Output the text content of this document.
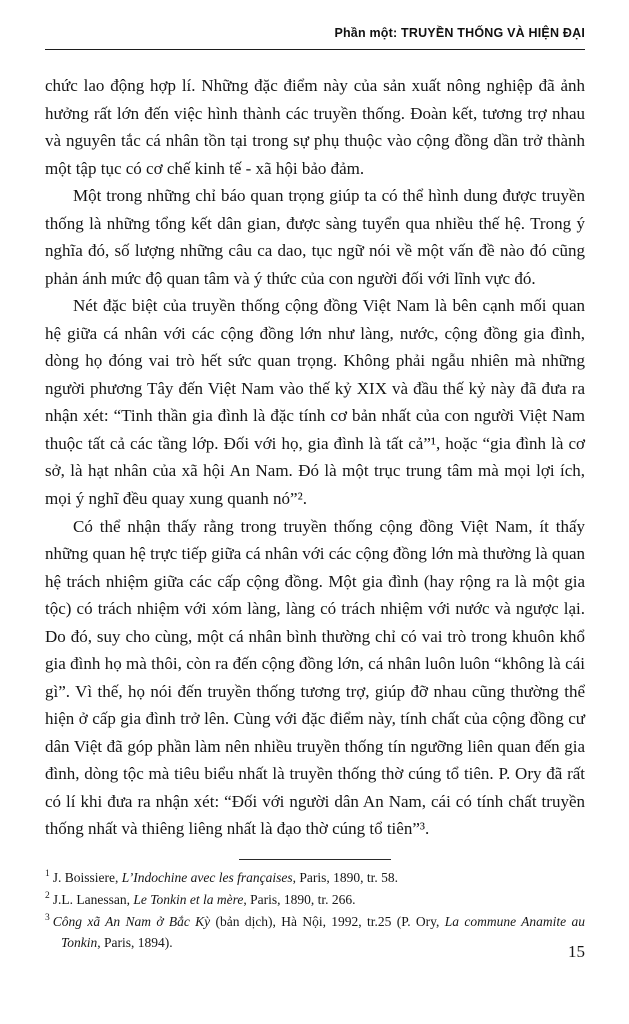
Phần một: TRUYỀN THỐNG VÀ HIỆN ĐẠI

chức lao động hợp lí. Những đặc điểm này của sản xuất nông nghiệp đã ảnh hưởng rất lớn đến việc hình thành các truyền thống. Đoàn kết, tương trợ nhau và nguyên tắc cá nhân tồn tại trong sự phụ thuộc vào cộng đồng dần trở thành một tập tục có cơ chế kinh tế - xã hội bảo đảm.

Một trong những chỉ báo quan trọng giúp ta có thể hình dung được truyền thống là những tổng kết dân gian, được sàng tuyển qua nhiều thế hệ. Trong ý nghĩa đó, số lượng những câu ca dao, tục ngữ nói về một vấn đề nào đó cũng phản ánh mức độ quan tâm và ý thức của con người đối với lĩnh vực đó.

Nét đặc biệt của truyền thống cộng đồng Việt Nam là bên cạnh mối quan hệ giữa cá nhân với các cộng đồng lớn như làng, nước, cộng đồng gia đình, dòng họ đóng vai trò hết sức quan trọng. Không phải ngẫu nhiên mà những người phương Tây đến Việt Nam vào thế kỷ XIX và đầu thế kỷ này đã đưa ra nhận xét: “Tinh thần gia đình là đặc tính cơ bản nhất của con người Việt Nam thuộc tất cả các tầng lớp. Đối với họ, gia đình là tất cả”¹, hoặc “gia đình là cơ sở, là hạt nhân của xã hội An Nam. Đó là một trục trung tâm mà mọi lợi ích, mọi ý nghĩ đều quay xung quanh nó”².

Có thể nhận thấy rằng trong truyền thống cộng đồng Việt Nam, ít thấy những quan hệ trực tiếp giữa cá nhân với các cộng đồng lớn mà thường là quan hệ trách nhiệm giữa các cấp cộng đồng. Một gia đình (hay rộng ra là một gia tộc) có trách nhiệm với xóm làng, làng có trách nhiệm với nước và ngược lại. Do đó, suy cho cùng, một cá nhân bình thường chỉ có vai trò trong khuôn khổ gia đình họ mà thôi, còn ra đến cộng đồng lớn, cá nhân luôn luôn “không là cái gì”. Vì thế, họ nói đến truyền thống tương trợ, giúp đỡ nhau cũng thường thể hiện ở cấp gia đình trở lên. Cùng với đặc điểm này, tính chất của cộng đồng cư dân Việt đã góp phần làm nên nhiều truyền thống tín ngưỡng liên quan đến gia đình, dòng tộc mà tiêu biểu nhất là truyền thống thờ cúng tổ tiên. P. Ory đã rất có lí khi đưa ra nhận xét: “Đối với người dân An Nam, cái có tính chất truyền thống nhất và thiêng liêng nhất là đạo thờ cúng tổ tiên”³.

$^1$ J. Boissiere, L’Indochine avec les françaises, Paris, 1890, tr. 58.

$^2$ J.L. Lanessan, Le Tonkin et la mère, Paris, 1890, tr. 266.

$^3$ Công xã An Nam ở Bắc Kỳ (bản dịch), Hà Nội, 1992, tr.25 (P. Ory, La commune Anamite au Tonkin, Paris, 1894).	15
